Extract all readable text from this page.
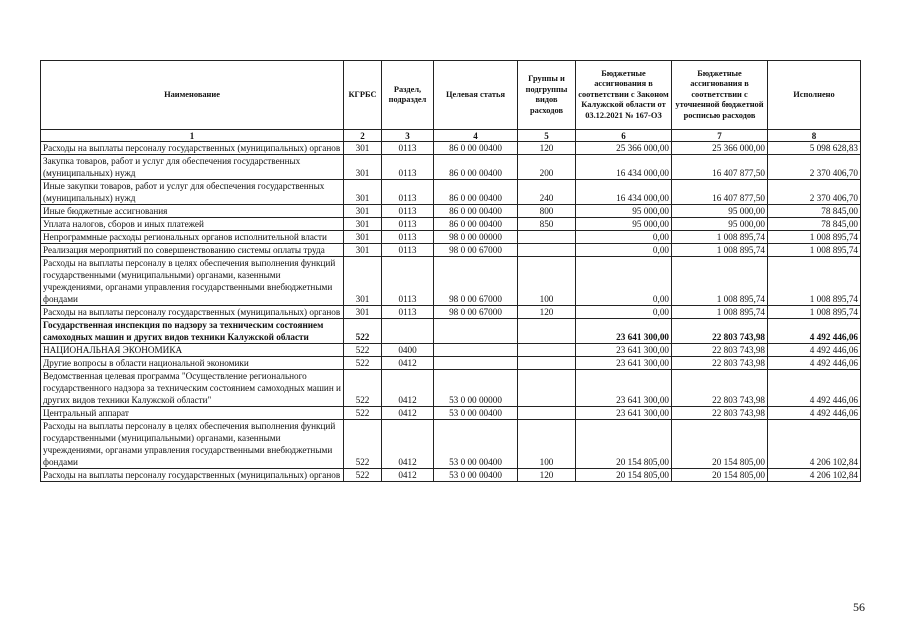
Наименование	КГРБС	Раздел, подраздел	Целевая статья	Группы и подгруппы видов расходов	Бюджетные ассигнования в соответствии с Законом Калужской области от 03.12.2021 № 167-ОЗ	Бюджетные ассигнования в соответствии с уточненной бюджетной росписью расходов	Исполнено
1	2	3	4	5	6	7	8
Расходы на выплаты персоналу государственных (муниципальных) органов	301	0113	86 0 00 00400	120	25 366 000,00	25 366 000,00	5 098 628,83
Закупка товаров, работ и услуг для обеспечения государственных (муниципальных) нужд	301	0113	86 0 00 00400	200	16 434 000,00	16 407 877,50	2 370 406,70
Иные закупки товаров, работ и услуг для обеспечения государственных (муниципальных) нужд	301	0113	86 0 00 00400	240	16 434 000,00	16 407 877,50	2 370 406,70
Иные бюджетные ассигнования	301	0113	86 0 00 00400	800	95 000,00	95 000,00	78 845,00
Уплата налогов, сборов и иных платежей	301	0113	86 0 00 00400	850	95 000,00	95 000,00	78 845,00
Непрограммные расходы региональных органов исполнительной власти	301	0113	98 0 00 00000		0,00	1 008 895,74	1 008 895,74
Реализация мероприятий по совершенствованию системы оплаты труда	301	0113	98 0 00 67000		0,00	1 008 895,74	1 008 895,74
Расходы на выплаты персоналу в целях обеспечения выполнения функций государственными (муниципальными) органами, казенными учреждениями, органами управления государственными внебюджетными фондами	301	0113	98 0 00 67000	100	0,00	1 008 895,74	1 008 895,74
Расходы на выплаты персоналу государственных (муниципальных) органов	301	0113	98 0 00 67000	120	0,00	1 008 895,74	1 008 895,74
Государственная инспекция по надзору за техническим состоянием самоходных машин и других видов техники Калужской области	522				23 641 300,00	22 803 743,98	4 492 446,06
НАЦИОНАЛЬНАЯ ЭКОНОМИКА	522	0400			23 641 300,00	22 803 743,98	4 492 446,06
Другие вопросы в области национальной экономики	522	0412			23 641 300,00	22 803 743,98	4 492 446,06
Ведомственная целевая программа "Осуществление регионального государственного надзора за техническим состоянием самоходных машин и других видов техники Калужской области"	522	0412	53 0 00 00000		23 641 300,00	22 803 743,98	4 492 446,06
Центральный аппарат	522	0412	53 0 00 00400		23 641 300,00	22 803 743,98	4 492 446,06
Расходы на выплаты персоналу в целях обеспечения выполнения функций государственными (муниципальными) органами, казенными учреждениями, органами управления государственными внебюджетными фондами	522	0412	53 0 00 00400	100	20 154 805,00	20 154 805,00	4 206 102,84
Расходы на выплаты персоналу государственных (муниципальных) органов	522	0412	53 0 00 00400	120	20 154 805,00	20 154 805,00	4 206 102,84
56
